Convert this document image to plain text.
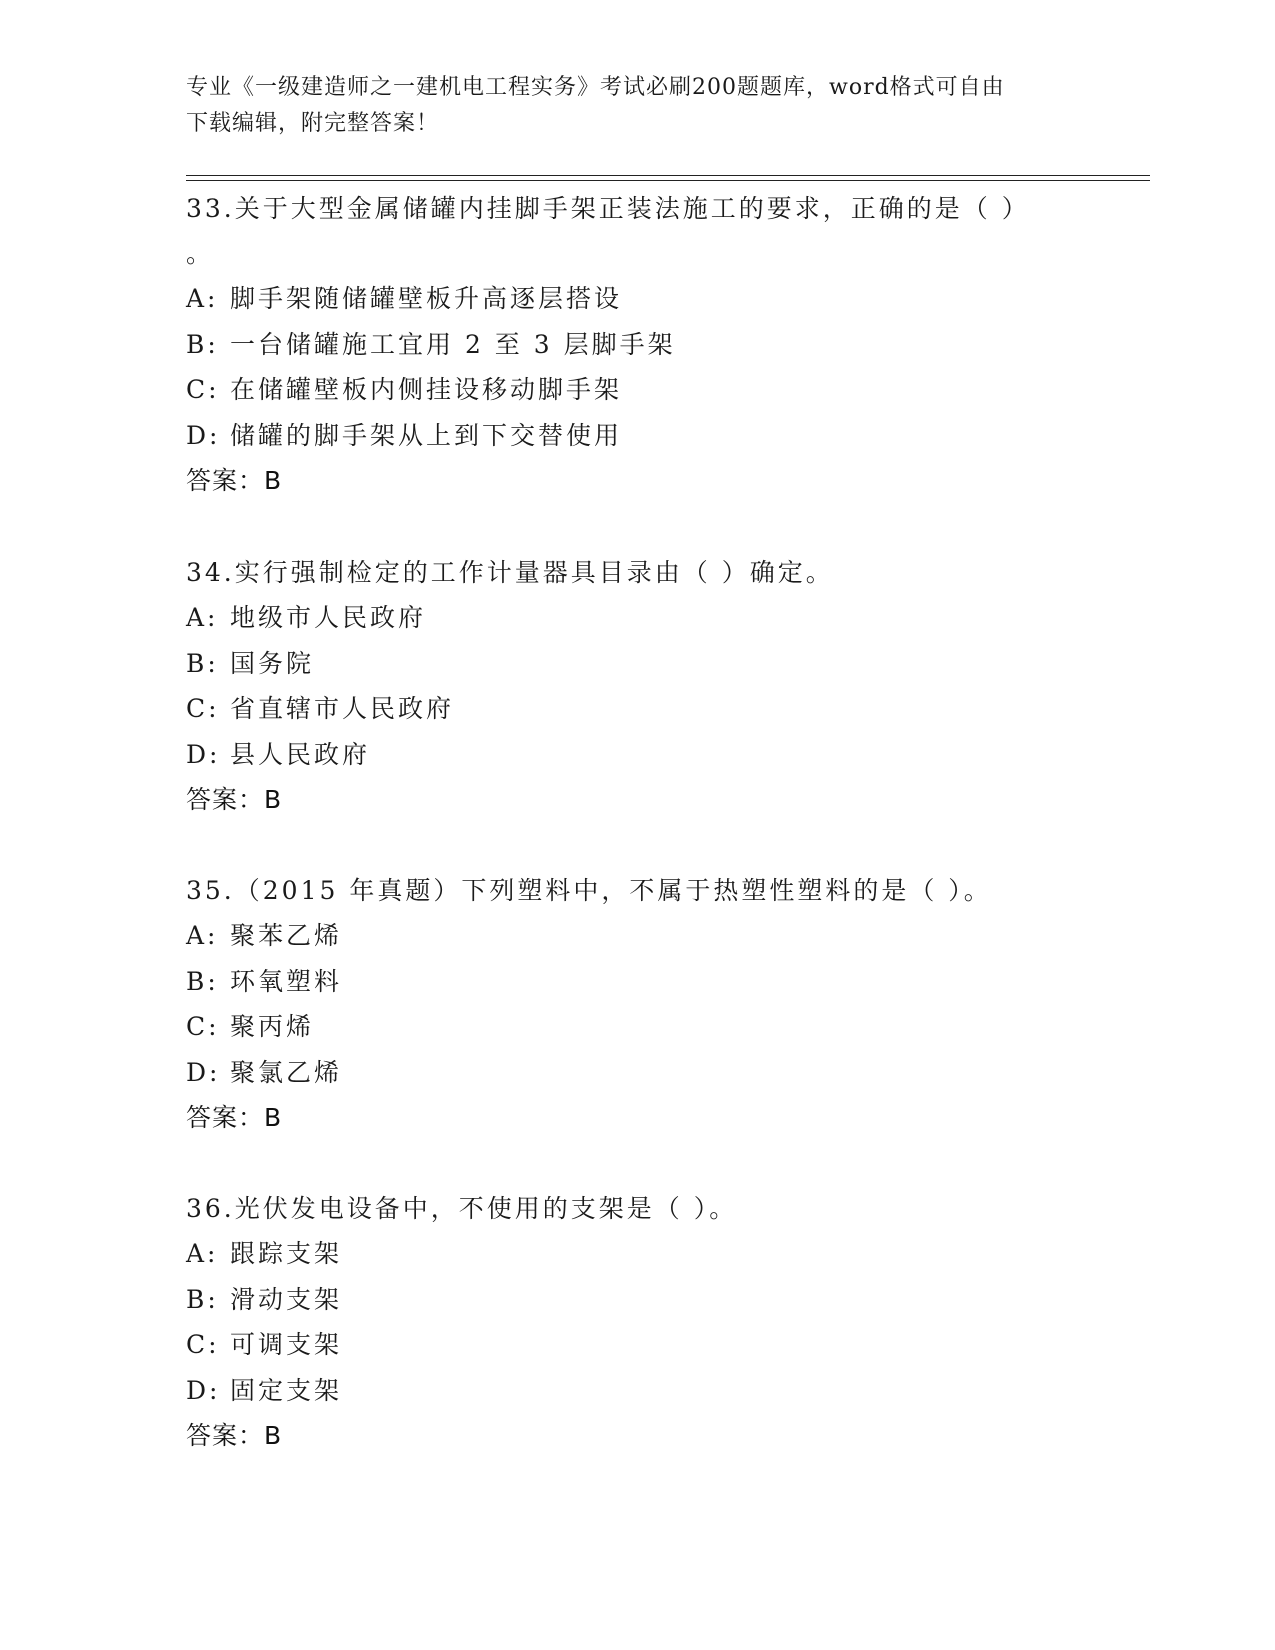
专业《一级建造师之一建机电工程实务》考试必刷200题题库，word格式可自由
下载编辑，附完整答案！
33.关于大型金属储罐内挂脚手架正装法施工的要求，正确的是（ ）
。
A: 脚手架随储罐壁板升高逐层搭设
B: 一台储罐施工宜用 2 至 3 层脚手架
C: 在储罐壁板内侧挂设移动脚手架
D: 储罐的脚手架从上到下交替使用
答案：B
34.实行强制检定的工作计量器具目录由（ ）确定。
A: 地级市人民政府
B: 国务院
C: 省直辖市人民政府
D: 县人民政府
答案：B
35.（2015 年真题）下列塑料中，不属于热塑性塑料的是（ ）。
A: 聚苯乙烯
B: 环氧塑料
C: 聚丙烯
D: 聚氯乙烯
答案：B
36.光伏发电设备中，不使用的支架是（ ）。
A: 跟踪支架
B: 滑动支架
C: 可调支架
D: 固定支架
答案：B
